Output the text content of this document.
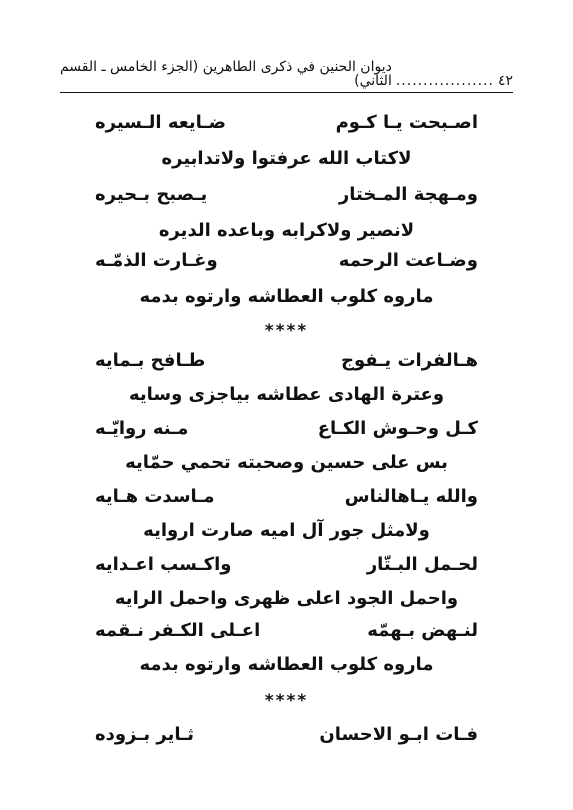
٤٢
..................
ديوان الحنين في ذكرى الطاهرين (الجزء الخامس ـ القسم الثاني)
اصـبحت يـا كـوم
ضـايعه الـسيره
لاكتاب الله عرفتوا ولاتدابيره
ومـهجة المـختار
يـصبح بـحيره
لانصير ولاكرابه وباعده الديره
وضـاعت الرحمه
وغـارت الذمّـه
ماروه كلوب العطاشه وارتوه بدمه
****
هـالفرات يـفوج
طـافح بـمايه
وعترة الهادى عطاشه بياجزى وسايه
كـل وحـوش الكـاع
مـنه روايّـه
بس على حسين وصحبته تحمي حمّايه
والله يـاهالناس
مـاسدت هـايه
ولامثل جور آل اميه صارت اروايه
لحـمل البـتّار
واكـسب اعـدايه
واحمل الجود اعلى ظهرى واحمل الرايه
لنـهض بـهمّه
اعـلى الكـفر نـقمه
ماروه كلوب العطاشه وارتوه بدمه
****
فـات ابـو الاحسان
ثـاير بـزوده
